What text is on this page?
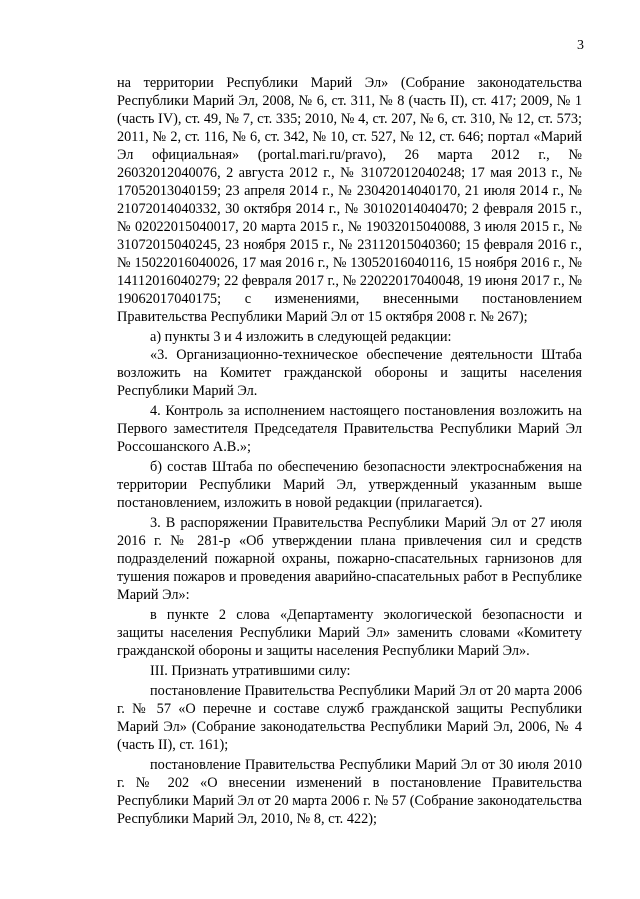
3

на территории Республики Марий Эл» (Собрание законодательства Республики Марий Эл, 2008, № 6, ст. 311, № 8 (часть II), ст. 417; 2009, № 1 (часть IV), ст. 49, № 7, ст. 335; 2010, № 4, ст. 207, № 6, ст. 310, № 12, ст. 573; 2011, № 2, ст. 116, № 6, ст. 342, № 10, ст. 527, № 12, ст. 646; портал «Марий Эл официальная» (portal.mari.ru/pravo), 26 марта 2012 г., № 26032012040076, 2 августа 2012 г., № 31072012040248; 17 мая 2013 г., № 17052013040159; 23 апреля 2014 г., № 23042014040170, 21 июля 2014 г., № 21072014040332, 30 октября 2014 г., № 30102014040470; 2 февраля 2015 г., № 02022015040017, 20 марта 2015 г., № 19032015040088, 3 июля 2015 г., № 31072015040245, 23 ноября 2015 г., № 23112015040360; 15 февраля 2016 г., № 15022016040026, 17 мая 2016 г., № 13052016040116, 15 ноября 2016 г., № 14112016040279; 22 февраля 2017 г., № 22022017040048, 19 июня 2017 г., № 19062017040175; с изменениями, внесенными постановлением Правительства Республики Марий Эл от 15 октября 2008 г. № 267);

а) пункты 3 и 4 изложить в следующей редакции:

«3. Организационно-техническое обеспечение деятельности Штаба возложить на Комитет гражданской обороны и защиты населения Республики Марий Эл.

4. Контроль за исполнением настоящего постановления возложить на Первого заместителя Председателя Правительства Республики Марий Эл Россошанского А.В.»;

б) состав Штаба по обеспечению безопасности электроснабжения на территории Республики Марий Эл, утвержденный указанным выше постановлением, изложить в новой редакции (прилагается).

3. В распоряжении Правительства Республики Марий Эл от 27 июля 2016 г. № 281-р «Об утверждении плана привлечения сил и средств подразделений пожарной охраны, пожарно-спасательных гарнизонов для тушения пожаров и проведения аварийно-спасательных работ в Республике Марий Эл»:

в пункте 2 слова «Департаменту экологической безопасности и защиты населения Республики Марий Эл» заменить словами «Комитету гражданской обороны и защиты населения Республики Марий Эл».

III. Признать утратившими силу:

постановление Правительства Республики Марий Эл от 20 марта 2006 г. № 57 «О перечне и составе служб гражданской защиты Республики Марий Эл» (Собрание законодательства Республики Марий Эл, 2006, № 4 (часть II), ст. 161);

постановление Правительства Республики Марий Эл от 30 июля 2010 г. № 202 «О внесении изменений в постановление Правительства Республики Марий Эл от 20 марта 2006 г. № 57 (Собрание законодательства Республики Марий Эл, 2010, № 8, ст. 422);
